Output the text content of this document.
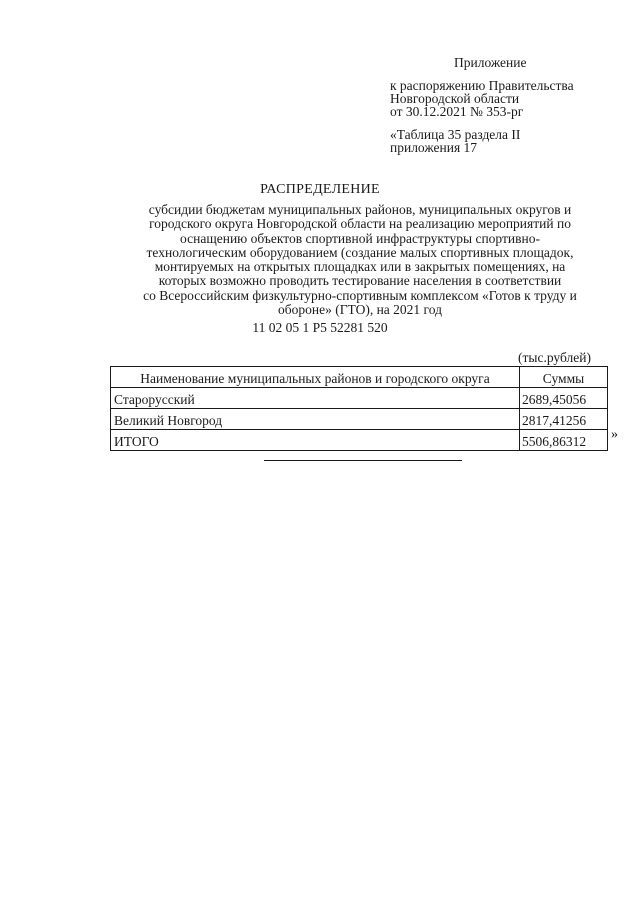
Приложение
к распоряжению Правительства
Новгородской области
от 30.12.2021 № 353-рг
«Таблица 35 раздела II
приложения 17
РАСПРЕДЕЛЕНИЕ
субсидии бюджетам муниципальных районов, муниципальных округов и
городского округа Новгородской области на реализацию мероприятий по
оснащению объектов спортивной инфраструктуры спортивно-
технологическим оборудованием (создание малых спортивных площадок,
монтируемых на открытых площадках или в закрытых помещениях, на
которых возможно проводить тестирование населения в соответствии
со Всероссийским физкультурно-спортивным комплексом «Готов к труду и
обороне» (ГТО), на 2021 год
11 02 05 1 P5 52281 520
(тыс.рублей)
Наименование муниципальных районов и городского округа	Суммы
Старорусский	2689,45056
Великий Новгород	2817,41256
ИТОГО	5506,86312 »
